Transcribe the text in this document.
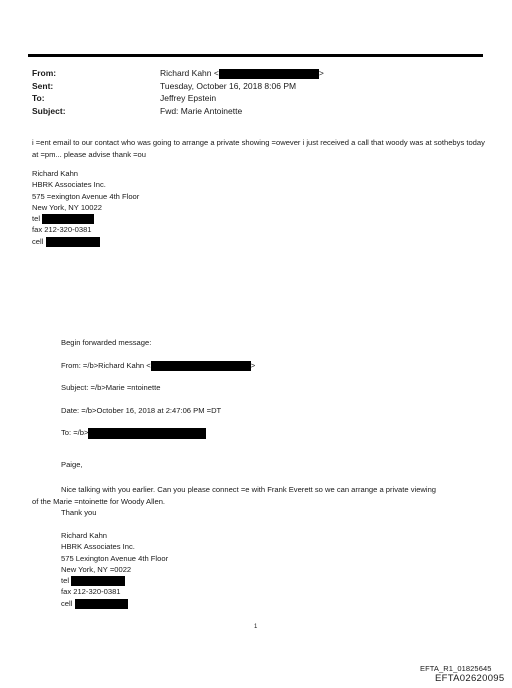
From:	Richard Kahn <	>
Sent:	Tuesday, October 16, 2018 8:06 PM
To:	Jeffrey Epstein
Subject:	Fwd: Marie Antoinette
i =ent email to our contact who was going to arrange a private showing =owever i just received a call that woody was at sothebys today at =pm... please advise thank =ou
Richard Kahn
HBRK Associates Inc.
575 =exington Avenue 4th Floor
New York, NY 10022
tel
fax 212-320-0381
cell
Begin forwarded message:
From: =/b>Richard Kahn <	>
Subject: =/b>Marie =ntoinette
Date: =/b>October 16, 2018 at 2:47:06 PM =DT
To: =/b>
Paige,
Nice talking with you earlier. Can you please connect =e with Frank Everett so we can arrange a private viewing
of the Marie =ntoinette for Woody Allen.
Thank you
Richard Kahn
HBRK Associates Inc.
575 Lexington Avenue 4th Floor
New York, NY =0022
tel
fax 212-320-0381
cell
1
EFTA_R1_01825645
EFTA02620095
